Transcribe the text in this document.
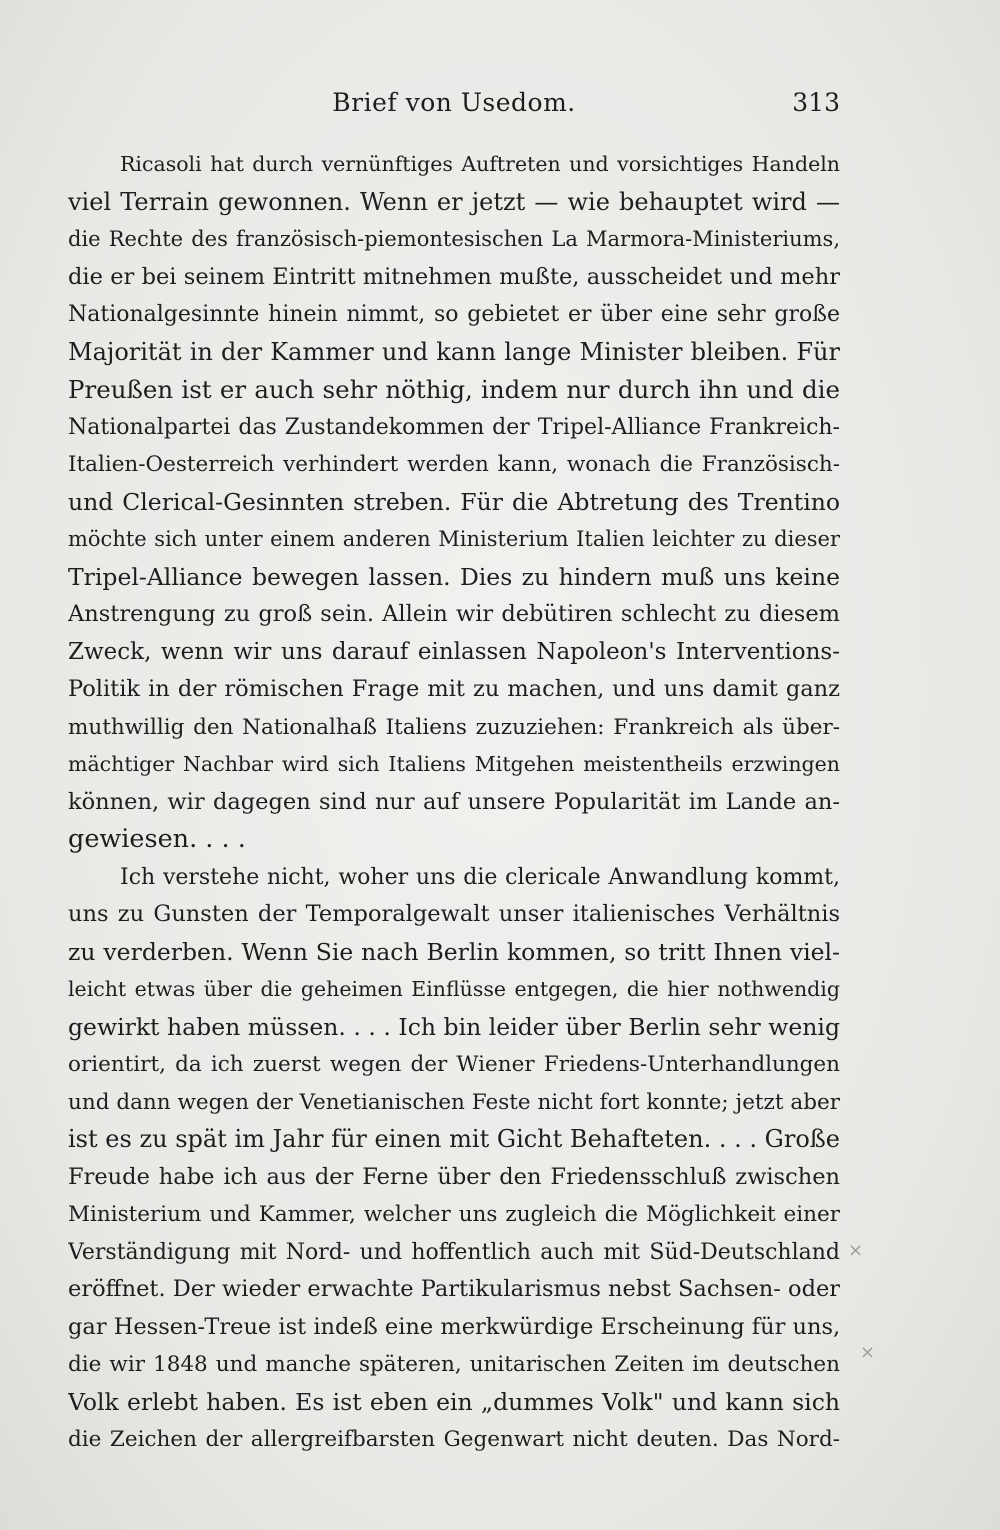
Brief von Usedom.	313
Ricasoli hat durch vernünftiges Auftreten und vorsichtiges Handeln
viel Terrain gewonnen. Wenn er jetzt — wie behauptet wird —
die Rechte des französisch-piemontesischen La Marmora-Ministeriums,
die er bei seinem Eintritt mitnehmen mußte, ausscheidet und mehr
Nationalgesinnte hinein nimmt, so gebietet er über eine sehr große
Majorität in der Kammer und kann lange Minister bleiben. Für
Preußen ist er auch sehr nöthig, indem nur durch ihn und die
Nationalpartei das Zustandekommen der Tripel-Alliance Frankreich-
Italien-Oesterreich verhindert werden kann, wonach die Französisch-
und Clerical-Gesinnten streben. Für die Abtretung des Trentino
möchte sich unter einem anderen Ministerium Italien leichter zu dieser
Tripel-Alliance bewegen lassen. Dies zu hindern muß uns keine
Anstrengung zu groß sein. Allein wir debütiren schlecht zu diesem
Zweck, wenn wir uns darauf einlassen Napoleon's Interventions-
Politik in der römischen Frage mit zu machen, und uns damit ganz
muthwillig den Nationalhaß Italiens zuzuziehen: Frankreich als über-
mächtiger Nachbar wird sich Italiens Mitgehen meistentheils erzwingen
können, wir dagegen sind nur auf unsere Popularität im Lande an-
gewiesen. . . .
Ich verstehe nicht, woher uns die clericale Anwandlung kommt,
uns zu Gunsten der Temporalgewalt unser italienisches Verhältnis
zu verderben. Wenn Sie nach Berlin kommen, so tritt Ihnen viel-
leicht etwas über die geheimen Einflüsse entgegen, die hier nothwendig
gewirkt haben müssen. . . . Ich bin leider über Berlin sehr wenig
orientirt, da ich zuerst wegen der Wiener Friedens-Unterhandlungen
und dann wegen der Venetianischen Feste nicht fort konnte; jetzt aber
ist es zu spät im Jahr für einen mit Gicht Behafteten. . . . Große
Freude habe ich aus der Ferne über den Friedensschluß zwischen
Ministerium und Kammer, welcher uns zugleich die Möglichkeit einer
Verständigung mit Nord- und hoffentlich auch mit Süd-Deutschland
eröffnet. Der wieder erwachte Partikularismus nebst Sachsen- oder
gar Hessen-Treue ist indeß eine merkwürdige Erscheinung für uns,
die wir 1848 und manche späteren, unitarischen Zeiten im deutschen
Volk erlebt haben. Es ist eben ein „dummes Volk" und kann sich
die Zeichen der allergreifbarsten Gegenwart nicht deuten. Das Nord-
×
×
